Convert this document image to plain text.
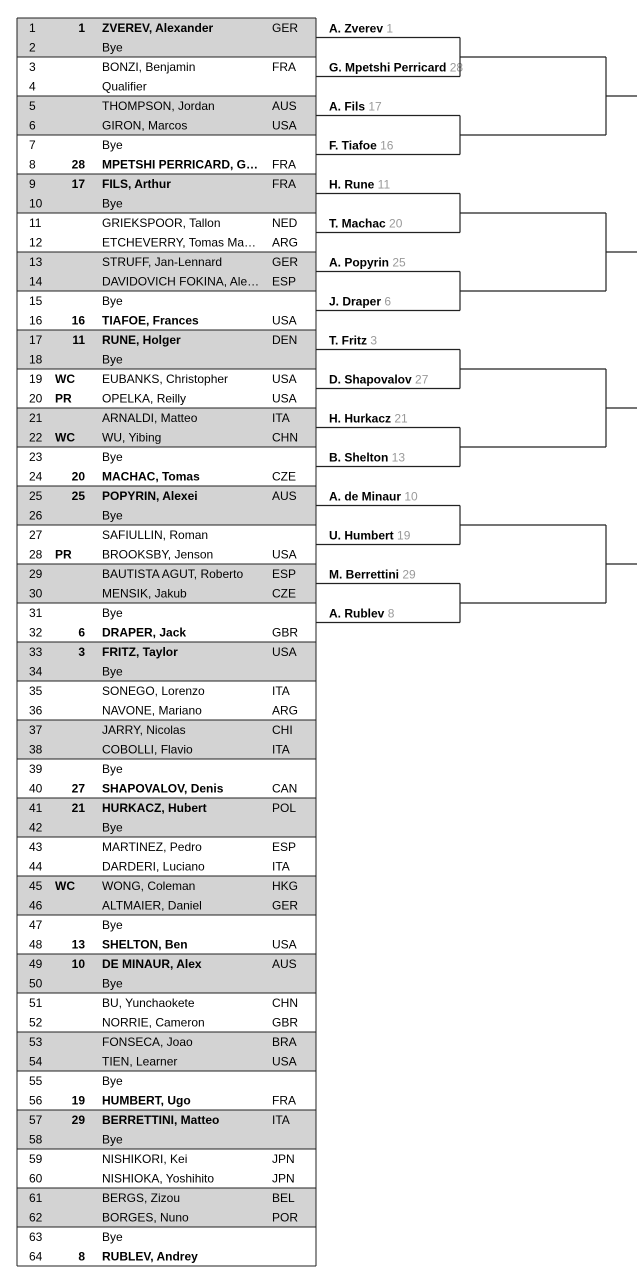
1	1 ZVEREV, Alexander	GER
2	Bye
3	BONZI, Benjamin	FRA
4	Qualifier
5	THOMPSON, Jordan	AUS
6	GIRON, Marcos	USA
7	Bye
8	28 MPETSHI PERRICARD, G… FRA
9	17 FILS, Arthur	FRA
10	Bye
11	GRIEKSPOOR, Tallon	NED
12	ETCHEVERRY, Tomas Ma… ARG
13	STRUFF, Jan-Lennard	GER
14	DAVIDOVICH FOKINA, Ale… ESP
15	Bye
16 16 TIAFOE, Frances	USA
17 11 RUNE, Holger	DEN
18	Bye
19 WC EUBANKS, Christopher	USA
20 PR	OPELKA, Reilly	USA
21	ARNALDI, Matteo	ITA
22 WC WU, Yibing	CHN
23	Bye
24 20 MACHAC, Tomas	CZE
25 25 POPYRIN, Alexei	AUS
26	Bye
27	SAFIULLIN, Roman
28 PR	BROOKSBY, Jenson	USA
29	BAUTISTA AGUT, Roberto ESP
30	MENSIK, Jakub	CZE
31	Bye
32	6 DRAPER, Jack	GBR
33	3 FRITZ, Taylor	USA
34	Bye
35	SONEGO, Lorenzo	ITA
36	NAVONE, Mariano	ARG
37	JARRY, Nicolas	CHI
38	COBOLLI, Flavio	ITA
39	Bye
40 27 SHAPOVALOV, Denis	CAN
41 21 HURKACZ, Hubert	POL
42	Bye
43	MARTINEZ, Pedro	ESP
44	DARDERI, Luciano	ITA
45 WC WONG, Coleman	HKG
46	ALTMAIER, Daniel	GER
47	Bye
48 13 SHELTON, Ben	USA
49 10 DE MINAUR, Alex	AUS
50	Bye
51	BU, Yunchaokete	CHN
52	NORRIE, Cameron	GBR
53	FONSECA, Joao	BRA
54	TIEN, Learner	USA
55	Bye
56 19 HUMBERT, Ugo	FRA
57 29 BERRETTINI, Matteo	ITA
58	Bye
59	NISHIKORI, Kei	JPN
60	NISHIOKA, Yoshihito	JPN
61	BERGS, Zizou	BEL
62	BORGES, Nuno	POR
63	Bye
64	8 RUBLEV, Andrey
A. Zverev 1
G. Mpetshi Perricard 28
A. Fils 17
F. Tiafoe 16
H. Rune 11
T. Machac 20
A. Popyrin 25
J. Draper 6
T. Fritz 3
D. Shapovalov 27
H. Hurkacz 21
B. Shelton 13
A. de Minaur 10
U. Humbert 19
M. Berrettini 29
A. Rublev 8
